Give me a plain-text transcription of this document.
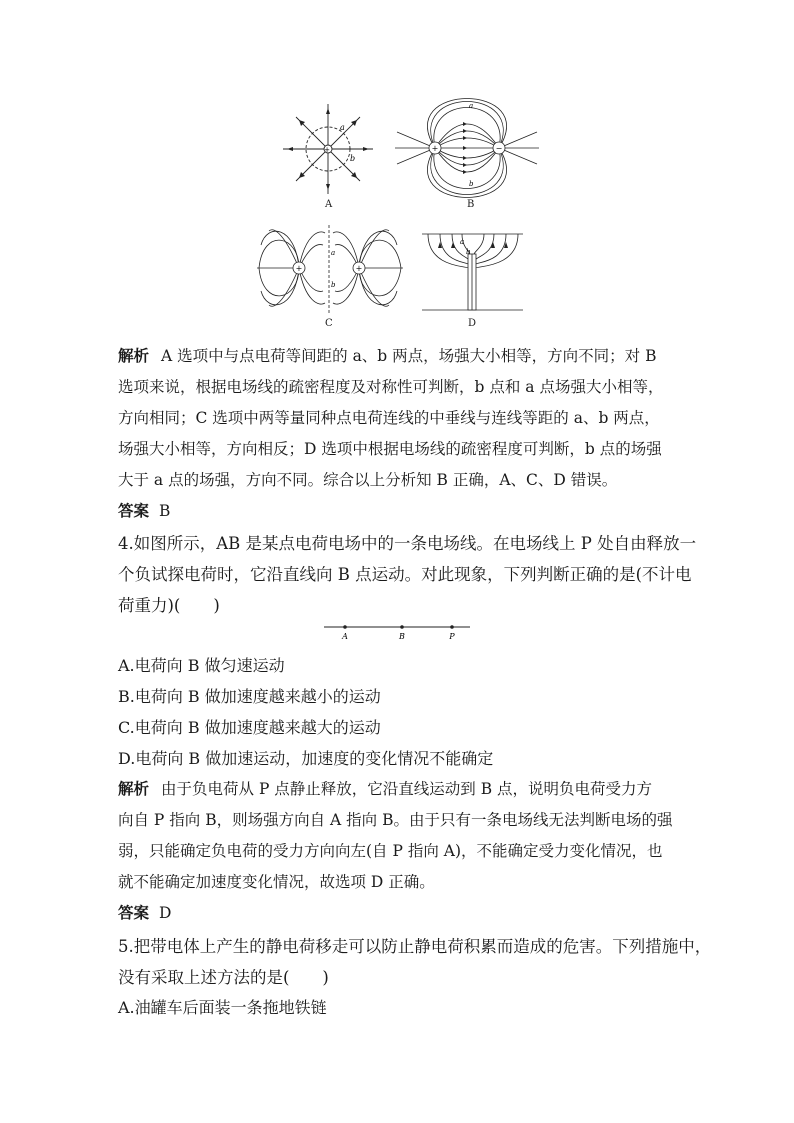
+
a
b
A
+	−
a
b
B
+	+
a
b
C
a
b
D
解析 A 选项中与点电荷等间距的 a、b 两点，场强大小相等，方向不同；对 B
选项来说，根据电场线的疏密程度及对称性可判断，b 点和 a 点场强大小相等，
方向相同；C 选项中两等量同种点电荷连线的中垂线与连线等距的 a、b 两点，
场强大小相等，方向相反；D 选项中根据电场线的疏密程度可判断，b 点的场强
大于 a 点的场强，方向不同。综合以上分析知 B 正确，A、C、D 错误。
答案 B
4.如图所示，AB 是某点电荷电场中的一条电场线。在电场线上 P 处自由释放一
个负试探电荷时，它沿直线向 B 点运动。对此现象，下列判断正确的是(不计电
荷重力)(　　)
A	B	P
A.电荷向 B 做匀速运动
B.电荷向 B 做加速度越来越小的运动
C.电荷向 B 做加速度越来越大的运动
D.电荷向 B 做加速运动，加速度的变化情况不能确定
解析 由于负电荷从 P 点静止释放，它沿直线运动到 B 点，说明负电荷受力方
向自 P 指向 B，则场强方向自 A 指向 B。由于只有一条电场线无法判断电场的强
弱，只能确定负电荷的受力方向向左(自 P 指向 A)，不能确定受力变化情况，也
就不能确定加速度变化情况，故选项 D 正确。
答案 D
5.把带电体上产生的静电荷移走可以防止静电荷积累而造成的危害。下列措施中，
没有采取上述方法的是(　　)
A.油罐车后面装一条拖地铁链
